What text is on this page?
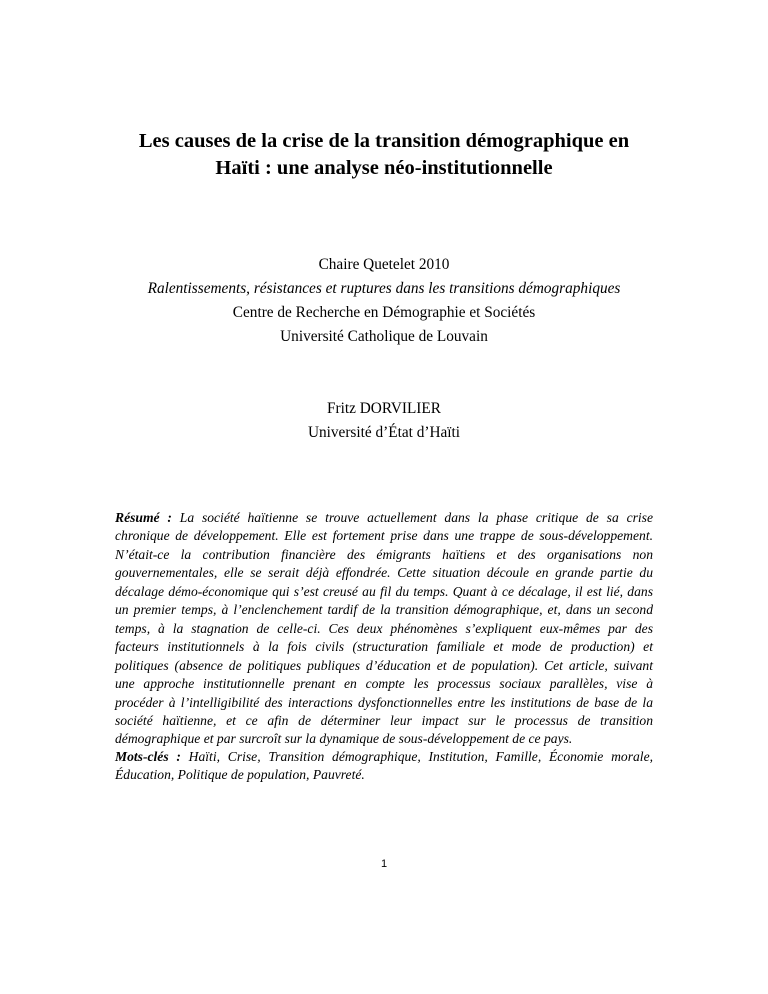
Les causes de la crise de la transition démographique en
Haïti : une analyse néo-institutionnelle
Chaire Quetelet 2010
Ralentissements, résistances et ruptures dans les transitions démographiques
Centre de Recherche en Démographie et Sociétés
Université Catholique de Louvain
Fritz DORVILIER
Université d’État d’Haïti
Résumé : La société haïtienne se trouve actuellement dans la phase critique de sa crise
chronique de développement. Elle est fortement prise dans une trappe de sous-développement.
N’était-ce la contribution financière des émigrants haïtiens et des organisations non
gouvernementales, elle se serait déjà effondrée. Cette situation découle en grande partie du
décalage démo-économique qui s’est creusé au fil du temps. Quant à ce décalage, il est lié, dans
un premier temps, à l’enclenchement tardif de la transition démographique, et, dans un second
temps, à la stagnation de celle-ci. Ces deux phénomènes s’expliquent eux-mêmes par des
facteurs institutionnels à la fois civils (structuration familiale et mode de production) et
politiques (absence de politiques publiques d’éducation et de population). Cet article, suivant
une approche institutionnelle prenant en compte les processus sociaux parallèles, vise à
procéder à l’intelligibilité des interactions dysfonctionnelles entre les institutions de base de la
société haïtienne, et ce afin de déterminer leur impact sur le processus de transition
démographique et par surcroît sur la dynamique de sous-développement de ce pays.
Mots-clés : Haïti, Crise, Transition démographique, Institution, Famille, Économie morale,
Éducation, Politique de population, Pauvreté.
1
